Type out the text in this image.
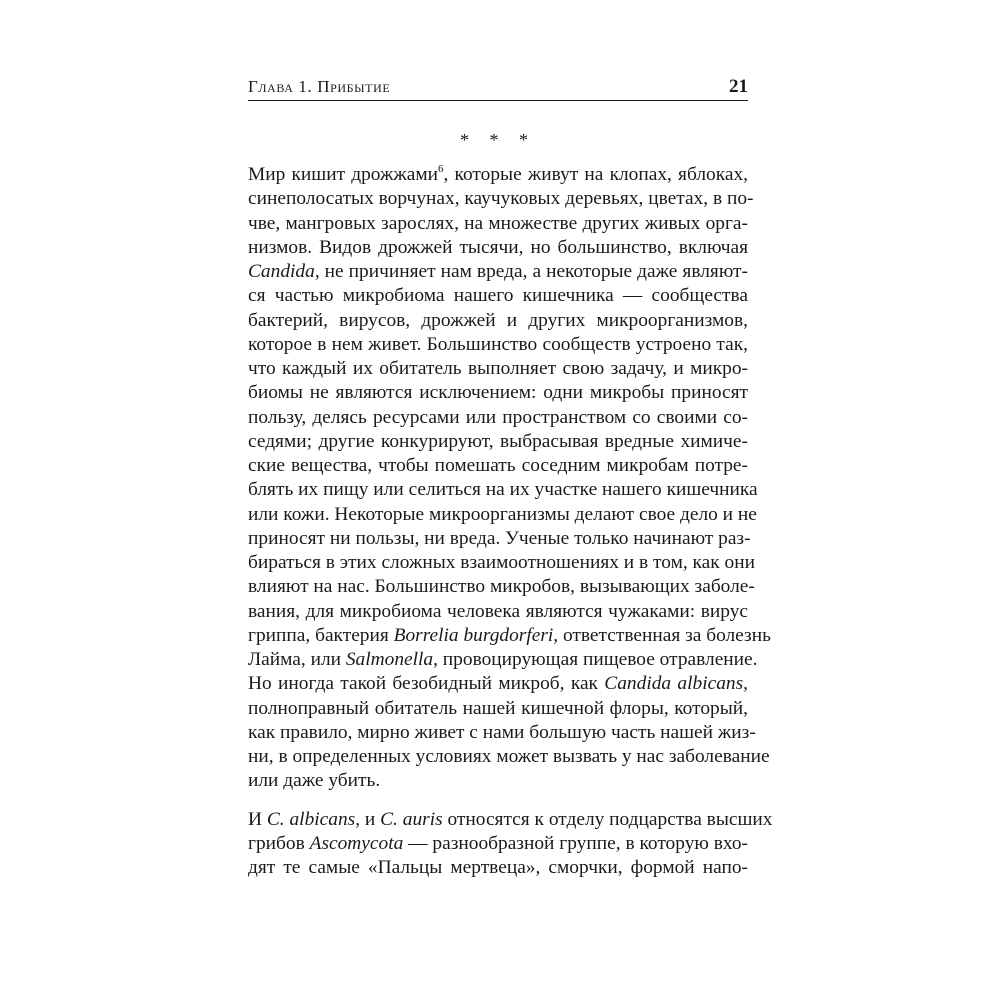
Глава 1. Прибытие	21
* * *
Мир кишит дрожжами$^6$, которые живут на клопах, яблоках,
синеполосатых ворчунах, каучуковых деревьях, цветах, в по-
чве, мангровых зарослях, на множестве других живых орга-
низмов. Видов дрожжей тысячи, но большинство, включая
Candida, не причиняет нам вреда, а некоторые даже являют-
ся частью микробиома нашего кишечника — сообщества
бактерий, вирусов, дрожжей и других микроорганизмов,
которое в нем живет. Большинство сообществ устроено так,
что каждый их обитатель выполняет свою задачу, и микро-
биомы не являются исключением: одни микробы приносят
пользу, делясь ресурсами или пространством со своими со-
седями; другие конкурируют, выбрасывая вредные химиче-
ские вещества, чтобы помешать соседним микробам потре-
блять их пищу или селиться на их участке нашего кишечника
или кожи. Некоторые микроорганизмы делают свое дело и не
приносят ни пользы, ни вреда. Ученые только начинают раз-
бираться в этих сложных взаимоотношениях и в том, как они
влияют на нас. Большинство микробов, вызывающих заболе-
вания, для микробиома человека являются чужаками: вирус
гриппа, бактерия Borrelia burgdorferi, ответственная за болезнь
Лайма, или Salmonella, провоцирующая пищевое отравление.
Но иногда такой безобидный микроб, как Candida albicans,
полноправный обитатель нашей кишечной флоры, который,
как правило, мирно живет с нами большую часть нашей жиз-
ни, в определенных условиях может вызвать у нас заболевание
или даже убить.
И C. albicans, и C. auris относятся к отделу подцарства высших
грибов Ascomycota — разнообразной группе, в которую вхо-
дят те самые «Пальцы мертвеца», сморчки, формой напо-
